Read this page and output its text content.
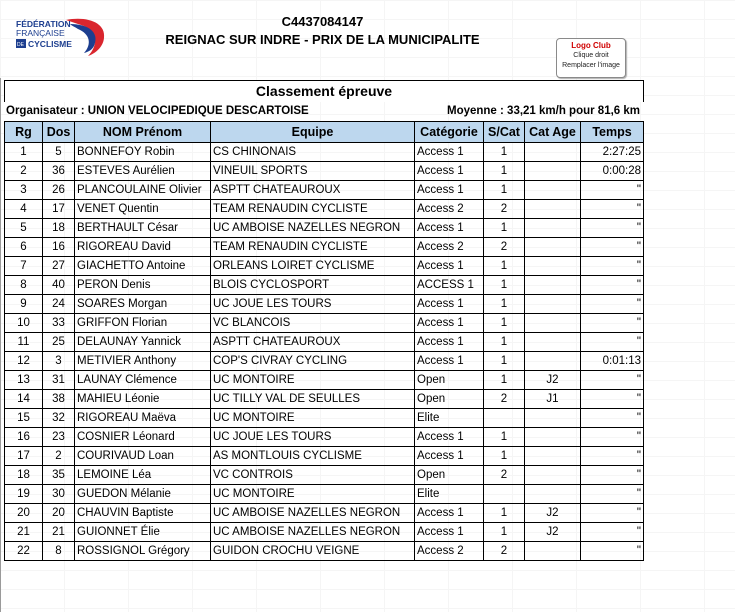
FÉDÉRATION
FRANÇAISE
DE CYCLISME
C4437084147
REIGNAC SUR INDRE - PRIX DE LA MUNICIPALITE	Logo Club
Clique droit
Remplacer l'image
Classement épreuve
Organisateur : UNION VELOCIPEDIQUE DESCARTOISE	Moyenne : 33,21 km/h pour 81,6 km
Rg	Dos	NOM Prénom	Equipe	Catégorie	S/Cat	Cat Age	Temps
1	5	BONNEFOY Robin	CS CHINONAIS	Access 1	1		2:27:25
2	36	ESTEVES Aurélien	VINEUIL SPORTS	Access 1	1		0:00:28
3	26	PLANCOULAINE Olivier	ASPTT CHATEAUROUX	Access 1	1		"
4	17	VENET Quentin	TEAM RENAUDIN CYCLISTE	Access 2	2		"
5	18	BERTHAULT César	UC AMBOISE NAZELLES NEGRON	Access 1	1		"
6	16	RIGOREAU David	TEAM RENAUDIN CYCLISTE	Access 2	2		"
7	27	GIACHETTO Antoine	ORLEANS LOIRET CYCLISME	Access 1	1		"
8	40	PERON Denis	BLOIS CYCLOSPORT	ACCESS 1	1		"
9	24	SOARES Morgan	UC JOUE LES TOURS	Access 1	1		"
10	33	GRIFFON Florian	VC BLANCOIS	Access 1	1		"
11	25	DELAUNAY Yannick	ASPTT CHATEAUROUX	Access 1	1		"
12	3	METIVIER Anthony	COP'S CIVRAY CYCLING	Access 1	1		0:01:13
13	31	LAUNAY Clémence	UC MONTOIRE	Open	1	J2	"
14	38	MAHIEU Léonie	UC TILLY VAL DE SEULLES	Open	2	J1	"
15	32	RIGOREAU Maëva	UC MONTOIRE	Elite			"
16	23	COSNIER Léonard	UC JOUE LES TOURS	Access 1	1		"
17	2	COURIVAUD Loan	AS MONTLOUIS CYCLISME	Access 1	1		"
18	35	LEMOINE Léa	VC CONTROIS	Open	2		"
19	30	GUEDON Mélanie	UC MONTOIRE	Elite			"
20	20	CHAUVIN Baptiste	UC AMBOISE NAZELLES NEGRON	Access 1	1	J2	"
21	21	GUIONNET Élie	UC AMBOISE NAZELLES NEGRON	Access 1	1	J2	"
22	8	ROSSIGNOL Grégory	GUIDON CROCHU VEIGNE	Access 2	2		"
